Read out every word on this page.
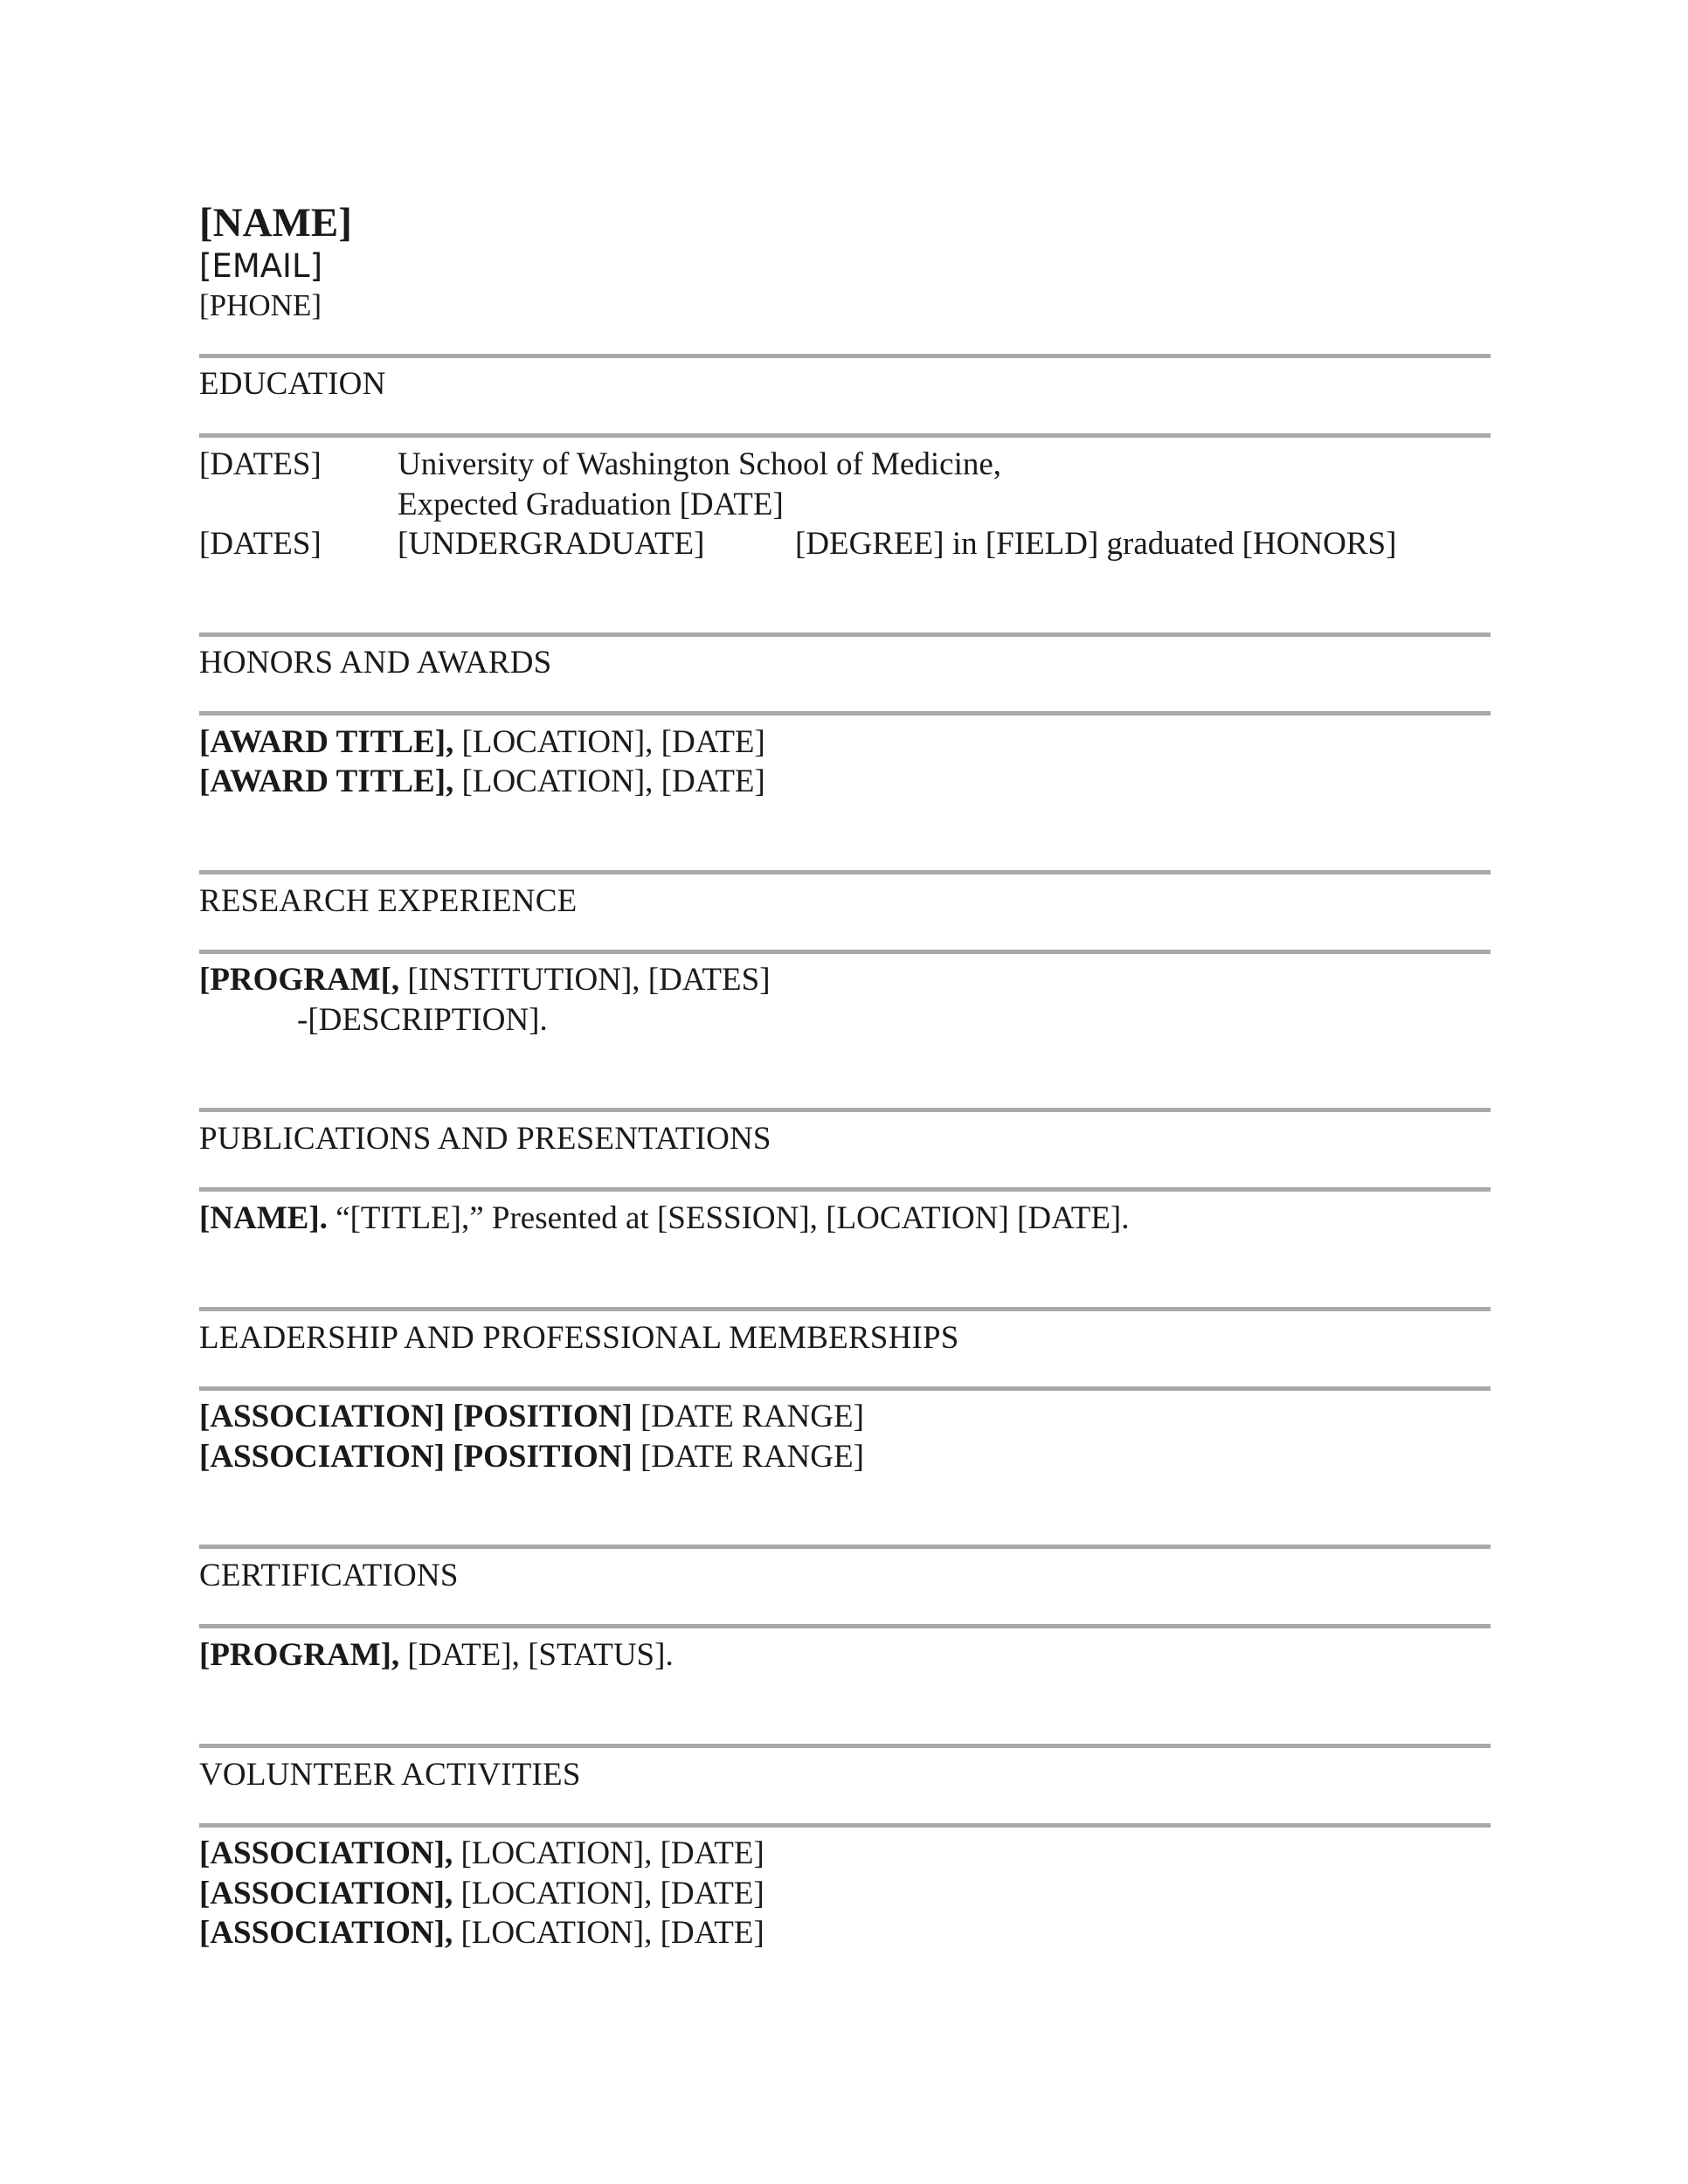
[NAME]
[EMAIL]
[PHONE]
EDUCATION
[DATES] University of Washington School of Medicine,
Expected Graduation [DATE]
[DATES] [UNDERGRADUATE]	[DEGREE] in [FIELD] graduated [HONORS]
HONORS AND AWARDS
[AWARD TITLE], [LOCATION], [DATE]
[AWARD TITLE], [LOCATION], [DATE]
RESEARCH EXPERIENCE
[PROGRAM[, [INSTITUTION], [DATES]
-[DESCRIPTION].
PUBLICATIONS AND PRESENTATIONS
[NAME]. “[TITLE],” Presented at [SESSION], [LOCATION] [DATE].
LEADERSHIP AND PROFESSIONAL MEMBERSHIPS
[ASSOCIATION] [POSITION] [DATE RANGE]
[ASSOCIATION] [POSITION] [DATE RANGE]
CERTIFICATIONS
[PROGRAM], [DATE], [STATUS].
VOLUNTEER ACTIVITIES
[ASSOCIATION], [LOCATION], [DATE]
[ASSOCIATION], [LOCATION], [DATE]
[ASSOCIATION], [LOCATION], [DATE]
